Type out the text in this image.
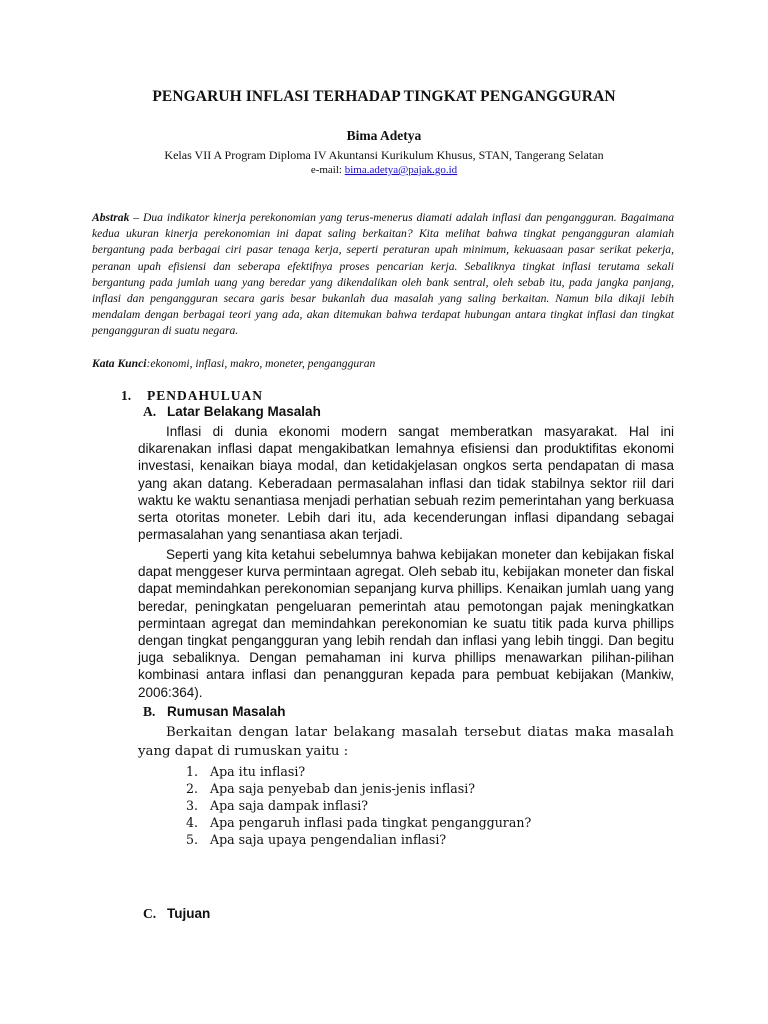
PENGARUH INFLASI TERHADAP TINGKAT PENGANGGURAN
Bima Adetya
Kelas VII A Program Diploma IV Akuntansi Kurikulum Khusus, STAN, Tangerang Selatan
e-mail: bima.adetya@pajak.go.id
Abstrak – Dua indikator kinerja perekonomian yang terus-menerus diamati adalah inflasi dan pengangguran. Bagaimana kedua ukuran kinerja perekonomian ini dapat saling berkaitan? Kita melihat bahwa tingkat pengangguran alamiah bergantung pada berbagai ciri pasar tenaga kerja, seperti peraturan upah minimum, kekuasaan pasar serikat pekerja, peranan upah efisiensi dan seberapa efektifnya proses pencarian kerja. Sebaliknya tingkat inflasi terutama sekali bergantung pada jumlah uang yang beredar yang dikendalikan oleh bank sentral, oleh sebab itu, pada jangka panjang, inflasi dan pengangguran secara garis besar bukanlah dua masalah yang saling berkaitan. Namun bila dikaji lebih mendalam dengan berbagai teori yang ada, akan ditemukan bahwa terdapat hubungan antara tingkat inflasi dan tingkat pengangguran di suatu negara.
Kata Kunci:ekonomi, inflasi, makro, moneter, pengangguran
1. PENDAHULUAN
A. Latar Belakang Masalah
Inflasi di dunia ekonomi modern sangat memberatkan masyarakat. Hal ini dikarenakan inflasi dapat mengakibatkan lemahnya efisiensi dan produktifitas ekonomi investasi, kenaikan biaya modal, dan ketidakjelasan ongkos serta pendapatan di masa yang akan datang. Keberadaan permasalahan inflasi dan tidak stabilnya sektor riil dari waktu ke waktu senantiasa menjadi perhatian sebuah rezim pemerintahan yang berkuasa serta otoritas moneter. Lebih dari itu, ada kecenderungan inflasi dipandang sebagai permasalahan yang senantiasa akan terjadi.
Seperti yang kita ketahui sebelumnya bahwa kebijakan moneter dan kebijakan fiskal dapat menggeser kurva permintaan agregat. Oleh sebab itu, kebijakan moneter dan fiskal dapat memindahkan perekonomian sepanjang kurva phillips. Kenaikan jumlah uang yang beredar, peningkatan pengeluaran pemerintah atau pemotongan pajak meningkatkan permintaan agregat dan memindahkan perekonomian ke suatu titik pada kurva phillips dengan tingkat pengangguran yang lebih rendah dan inflasi yang lebih tinggi. Dan begitu juga sebaliknya. Dengan pemahaman ini kurva phillips menawarkan pilihan-pilihan kombinasi antara inflasi dan penangguran kepada para pembuat kebijakan (Mankiw, 2006:364).
B. Rumusan Masalah
Berkaitan dengan latar belakang masalah tersebut diatas maka masalah yang dapat di rumuskan yaitu :
1. Apa itu inflasi?
2. Apa saja penyebab dan jenis-jenis inflasi?
3. Apa saja dampak inflasi?
4. Apa pengaruh inflasi pada tingkat pengangguran?
5. Apa saja upaya pengendalian inflasi?
C. Tujuan
